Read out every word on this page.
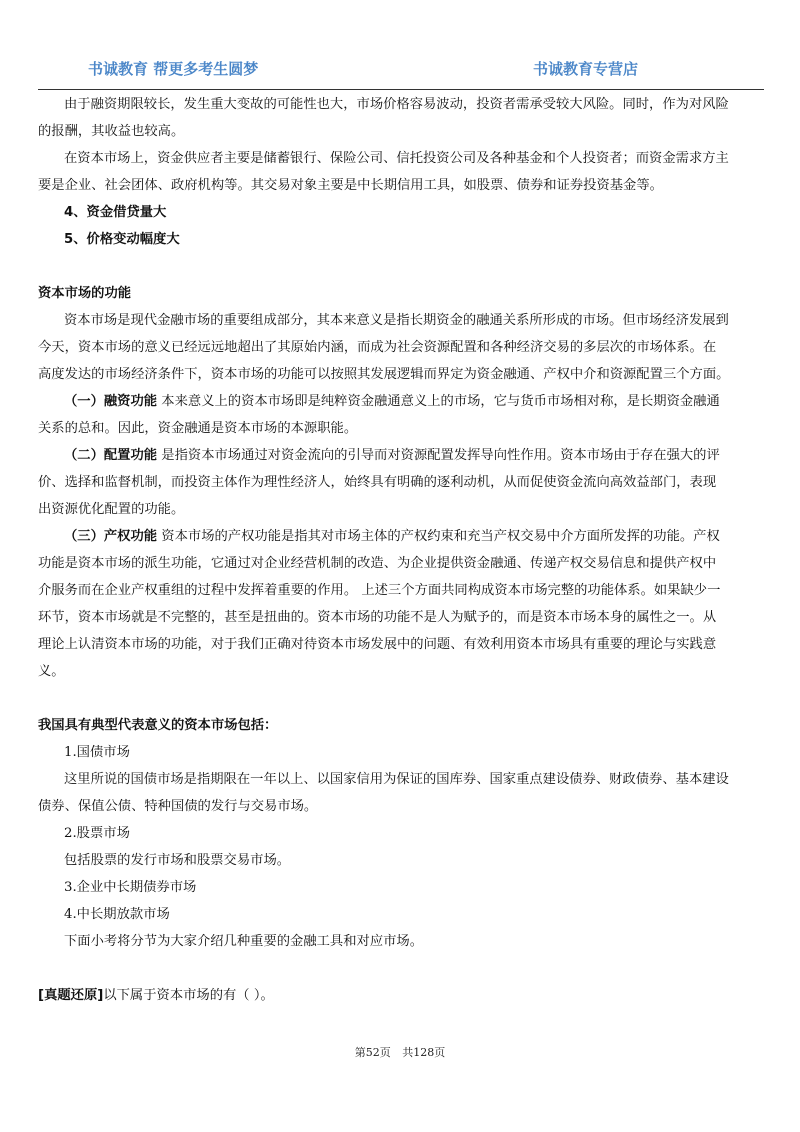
书诚教育 帮更多考生圆梦	书诚教育专营店
由于融资期限较长，发生重大变故的可能性也大，市场价格容易波动，投资者需承受较大风险。同时，作为对风险
的报酬，其收益也较高。
在资本市场上，资金供应者主要是储蓄银行、保险公司、信托投资公司及各种基金和个人投资者；而资金需求方主
要是企业、社会团体、政府机构等。其交易对象主要是中长期信用工具，如股票、债券和证券投资基金等。
4、资金借贷量大
5、价格变动幅度大
资本市场的功能
资本市场是现代金融市场的重要组成部分，其本来意义是指长期资金的融通关系所形成的市场。但市场经济发展到
今天，资本市场的意义已经远远地超出了其原始内涵，而成为社会资源配置和各种经济交易的多层次的市场体系。在
高度发达的市场经济条件下，资本市场的功能可以按照其发展逻辑而界定为资金融通、产权中介和资源配置三个方面。
（一）融资功能 本来意义上的资本市场即是纯粹资金融通意义上的市场，它与货币市场相对称，是长期资金融通
关系的总和。因此，资金融通是资本市场的本源职能。
（二）配置功能 是指资本市场通过对资金流向的引导而对资源配置发挥导向性作用。资本市场由于存在强大的评
价、选择和监督机制，而投资主体作为理性经济人，始终具有明确的逐利动机，从而促使资金流向高效益部门，表现
出资源优化配置的功能。
（三）产权功能 资本市场的产权功能是指其对市场主体的产权约束和充当产权交易中介方面所发挥的功能。产权
功能是资本市场的派生功能，它通过对企业经营机制的改造、为企业提供资金融通、传递产权交易信息和提供产权中
介服务而在企业产权重组的过程中发挥着重要的作用。 上述三个方面共同构成资本市场完整的功能体系。如果缺少一
环节，资本市场就是不完整的，甚至是扭曲的。资本市场的功能不是人为赋予的，而是资本市场本身的属性之一。从
理论上认清资本市场的功能，对于我们正确对待资本市场发展中的问题、有效利用资本市场具有重要的理论与实践意
义。
我国具有典型代表意义的资本市场包括：
1.国债市场
这里所说的国债市场是指期限在一年以上、以国家信用为保证的国库券、国家重点建设债券、财政债券、基本建设
债券、保值公债、特种国债的发行与交易市场。
2.股票市场
包括股票的发行市场和股票交易市场。
3.企业中长期债券市场
4.中长期放款市场
下面小考将分节为大家介绍几种重要的金融工具和对应市场。
[真题还原]以下属于资本市场的有（ ）。
第52页 共128页
